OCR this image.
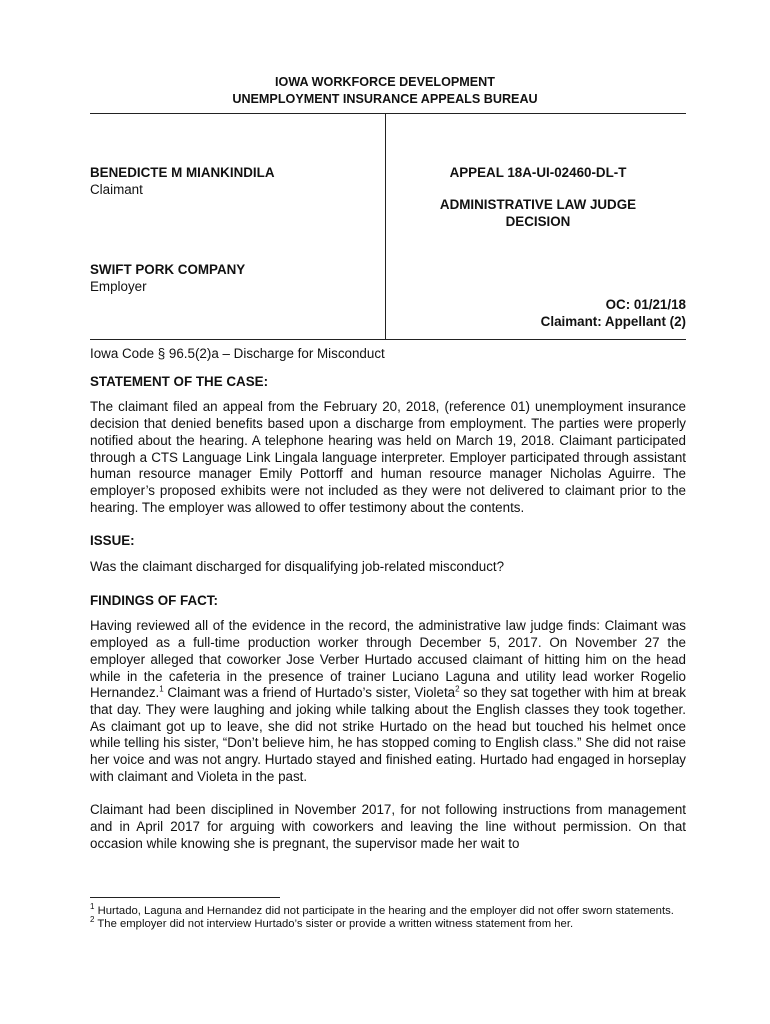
IOWA WORKFORCE DEVELOPMENT
UNEMPLOYMENT INSURANCE APPEALS BUREAU

BENEDICTE M MIANKINDILA

Claimant

SWIFT PORK COMPANY

Employer

APPEAL 18A-UI-02460-DL-T

ADMINISTRATIVE LAW JUDGE

DECISION

OC: 01/21/18
Claimant: Appellant (2)

Iowa Code § 96.5(2)a – Discharge for Misconduct

STATEMENT OF THE CASE:

The claimant filed an appeal from the February 20, 2018, (reference 01) unemployment insurance decision that denied benefits based upon a discharge from employment. The parties were properly notified about the hearing. A telephone hearing was held on March 19, 2018. Claimant participated through a CTS Language Link Lingala language interpreter. Employer participated through assistant human resource manager Emily Pottorff and human resource manager Nicholas Aguirre. The employer’s proposed exhibits were not included as they were not delivered to claimant prior to the hearing. The employer was allowed to offer testimony about the contents.

ISSUE:

Was the claimant discharged for disqualifying job-related misconduct?

FINDINGS OF FACT:

Having reviewed all of the evidence in the record, the administrative law judge finds: Claimant was employed as a full-time production worker through December 5, 2017. On November 27 the employer alleged that coworker Jose Verber Hurtado accused claimant of hitting him on the head while in the cafeteria in the presence of trainer Luciano Laguna and utility lead worker Rogelio Hernandez.$^1$ Claimant was a friend of Hurtado’s sister, Violeta$^2$ so they sat together with him at break that day. They were laughing and joking while talking about the English classes they took together. As claimant got up to leave, she did not strike Hurtado on the head but touched his helmet once while telling his sister, “Don’t believe him, he has stopped coming to English class.” She did not raise her voice and was not angry. Hurtado stayed and finished eating. Hurtado had engaged in horseplay with claimant and Violeta in the past.

Claimant had been disciplined in November 2017, for not following instructions from management and in April 2017 for arguing with coworkers and leaving the line without permission. On that occasion while knowing she is pregnant, the supervisor made her wait to

$^1$ Hurtado, Laguna and Hernandez did not participate in the hearing and the employer did not offer sworn statements.

$^2$ The employer did not interview Hurtado’s sister or provide a written witness statement from her.
